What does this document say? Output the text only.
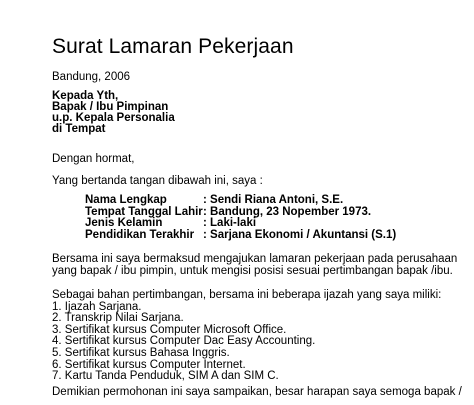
Surat Lamaran Pekerjaan
Bandung, 2006
Kepada Yth,
Bapak / Ibu Pimpinan
u.p. Kepala Personalia
di Tempat
Dengan hormat,
Yang bertanda tangan dibawah ini, saya :
Nama Lengkap	: Sendi Riana Antoni, S.E.
Tempat Tanggal Lahir : Bandung, 23 Nopember 1973.
Jenis Kelamin	: Laki-laki
Pendidikan Terakhir : Sarjana Ekonomi / Akuntansi (S.1)
Bersama ini saya bermaksud mengajukan lamaran pekerjaan pada perusahaan
yang bapak / ibu pimpin, untuk mengisi posisi sesuai pertimbangan bapak /ibu.
Sebagai bahan pertimbangan, bersama ini beberapa ijazah yang saya miliki:
1. Ijazah Sarjana.
2. Transkrip Nilai Sarjana.
3. Sertifikat kursus Computer Microsoft Office.
4. Sertifikat kursus Computer Dac Easy Accounting.
5. Sertifikat kursus Bahasa Inggris.
6. Sertifikat kursus Computer Internet.
7. Kartu Tanda Penduduk, SIM A dan SIM C.
Demikian permohonan ini saya sampaikan, besar harapan saya semoga bapak /
